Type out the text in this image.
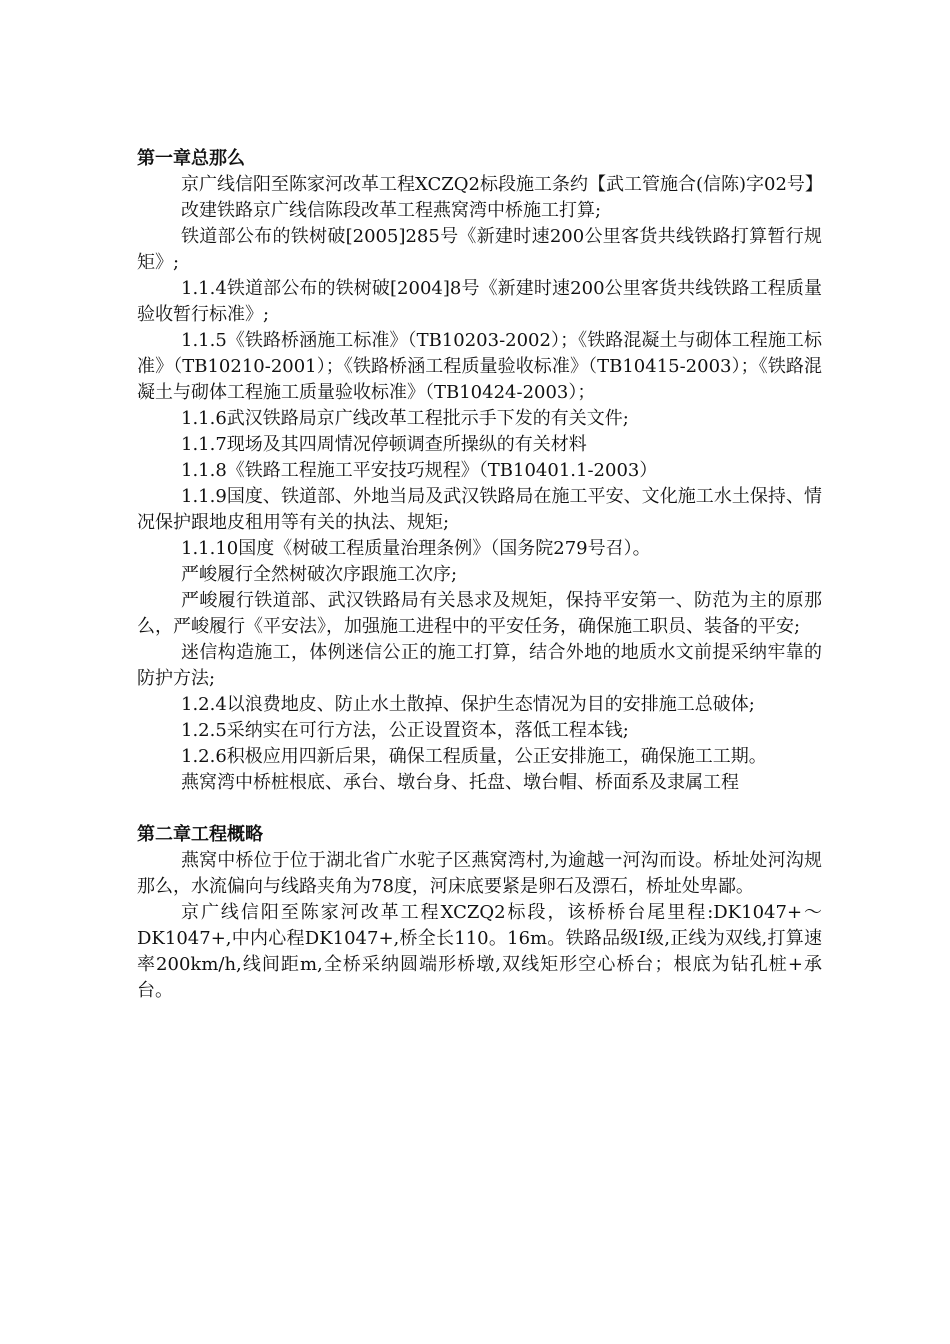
第一章总那么

京广线信阳至陈家河改革工程XCZQ2标段施工条约【武工管施合(信陈)字02号】

改建铁路京广线信陈段改革工程燕窝湾中桥施工打算;

铁道部公布的铁树破[2005]285号《新建时速200公里客货共线铁路打算暂行规矩》;

1.1.4铁道部公布的铁树破[2004]8号《新建时速200公里客货共线铁路工程质量验收暂行标准》;

1.1.5《铁路桥涵施工标准》（TB10203-2002）；《铁路混凝土与砌体工程施工标准》（TB10210-2001）；《铁路桥涵工程质量验收标准》（TB10415-2003）；《铁路混凝土与砌体工程施工质量验收标准》（TB10424-2003）；

1.1.6武汉铁路局京广线改革工程批示手下发的有关文件;

1.1.7现场及其四周情况停顿调查所操纵的有关材料

1.1.8《铁路工程施工平安技巧规程》（TB10401.1-2003）

1.1.9国度、铁道部、外地当局及武汉铁路局在施工平安、文化施工水土保持、情况保护跟地皮租用等有关的执法、规矩;

1.1.10国度《树破工程质量治理条例》（国务院279号召）。

严峻履行全然树破次序跟施工次序;

严峻履行铁道部、武汉铁路局有关恳求及规矩，保持平安第一、防范为主的原那么，严峻履行《平安法》，加强施工进程中的平安任务，确保施工职员、装备的平安;

迷信构造施工，体例迷信公正的施工打算，结合外地的地质水文前提采纳牢靠的防护方法;

1.2.4以浪费地皮、防止水土散掉、保护生态情况为目的安排施工总破体;

1.2.5采纳实在可行方法，公正设置资本，落低工程本钱;

1.2.6积极应用四新后果，确保工程质量，公正安排施工，确保施工工期。

燕窝湾中桥桩根底、承台、墩台身、托盘、墩台帽、桥面系及隶属工程

第二章工程概略

燕窝中桥位于位于湖北省广水驼子区燕窝湾村,为逾越一河沟而设。桥址处河沟规那么，水流偏向与线路夹角为78度，河床底要紧是卵石及漂石，桥址处卑鄙。

京广线信阳至陈家河改革工程XCZQ2标段，该桥桥台尾里程:DK1047+～DK1047+,中内心程DK1047+,桥全长110。16m。铁路品级Ⅰ级,正线为双线,打算速率200km/h,线间距m,全桥采纳圆端形桥墩,双线矩形空心桥台；根底为钻孔桩+承台。
